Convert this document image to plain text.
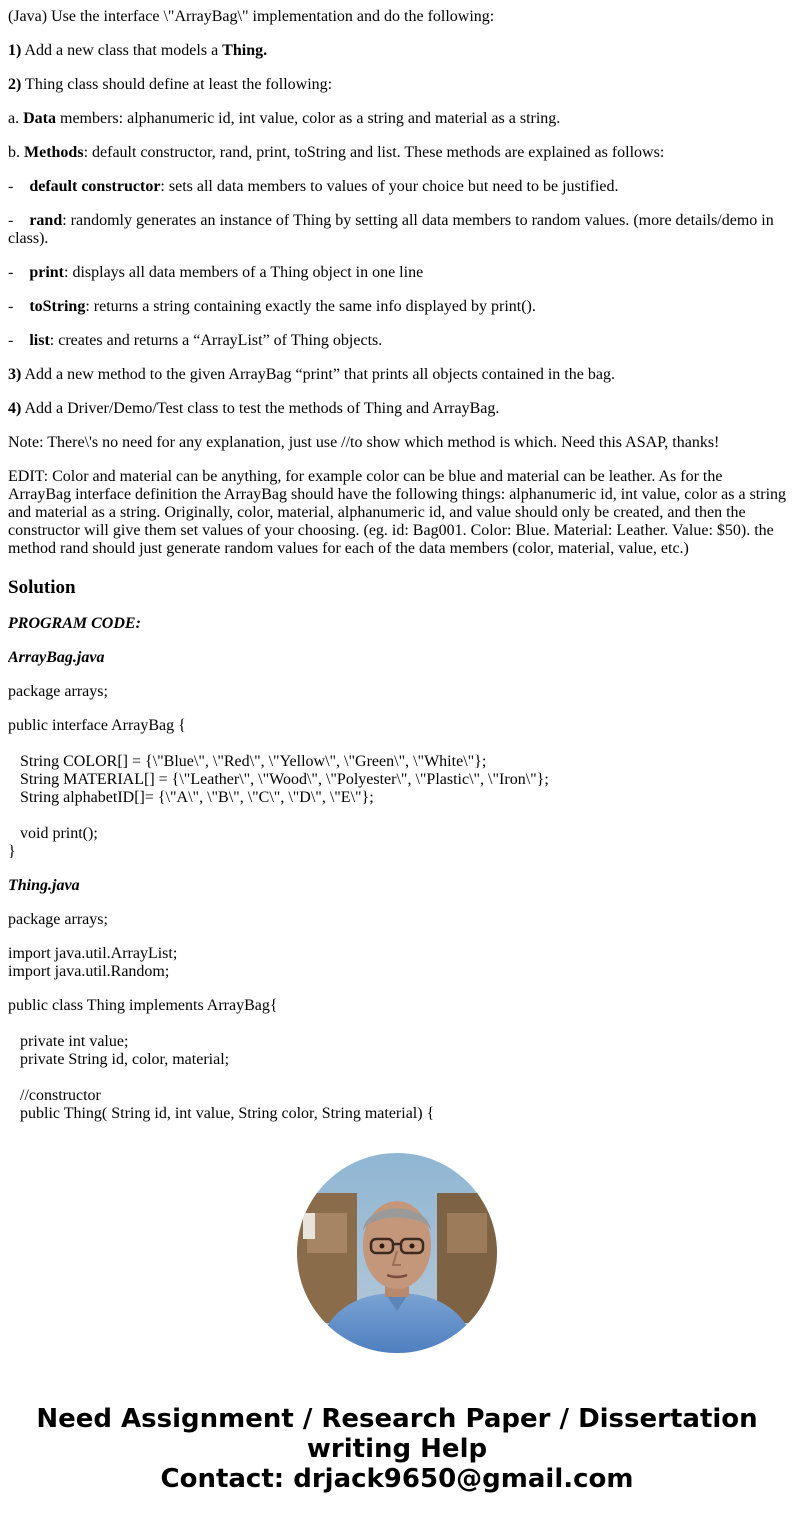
(Java) Use the interface \"ArrayBag\" implementation and do the following:

1) Add a new class that models a Thing.

2) Thing class should define at least the following:

a. Data members: alphanumeric id, int value, color as a string and material as a string.

b. Methods: default constructor, rand, print, toString and list. These methods are explained as follows:

-    default constructor: sets all data members to values of your choice but need to be justified.

-    rand: randomly generates an instance of Thing by setting all data members to random values. (more details/demo in class).

-    print: displays all data members of a Thing object in one line

-    toString: returns a string containing exactly the same info displayed by print().

-    list: creates and returns a “ArrayList” of Thing objects.

3) Add a new method to the given ArrayBag “print” that prints all objects contained in the bag.

4) Add a Driver/Demo/Test class to test the methods of Thing and ArrayBag.

Note: There\'s no need for any explanation, just use //to show which method is which. Need this ASAP, thanks!

EDIT: Color and material can be anything, for example color can be blue and material can be leather. As for the ArrayBag interface definition the ArrayBag should have the following things: alphanumeric id, int value, color as a string and material as a string. Originally, color, material, alphanumeric id, and value should only be created, and then the constructor will give them set values of your choosing. (eg. id: Bag001. Color: Blue. Material: Leather. Value: $50). the method rand should just generate random values for each of the data members (color, material, value, etc.)

Solution

PROGRAM CODE:

ArrayBag.java

package arrays;

public interface ArrayBag {

String COLOR[] = {\"Blue\", \"Red\", \"Yellow\", \"Green\", \"White\"};
String MATERIAL[] = {\"Leather\", \"Wood\", \"Polyester\", \"Plastic\", \"Iron\"};
String alphabetID[]= {\"A\", \"B\", \"C\", \"D\", \"E\"};

void print();
}

Thing.java

package arrays;

import java.util.ArrayList;
import java.util.Random;
public class Thing implements ArrayBag{

private int value;
private String id, color, material;

//constructor
public Thing( String id, int value, String color, String material) {
Need Assignment / Research Paper / Dissertation
writing Help
Contact: drjack9650@gmail.com
